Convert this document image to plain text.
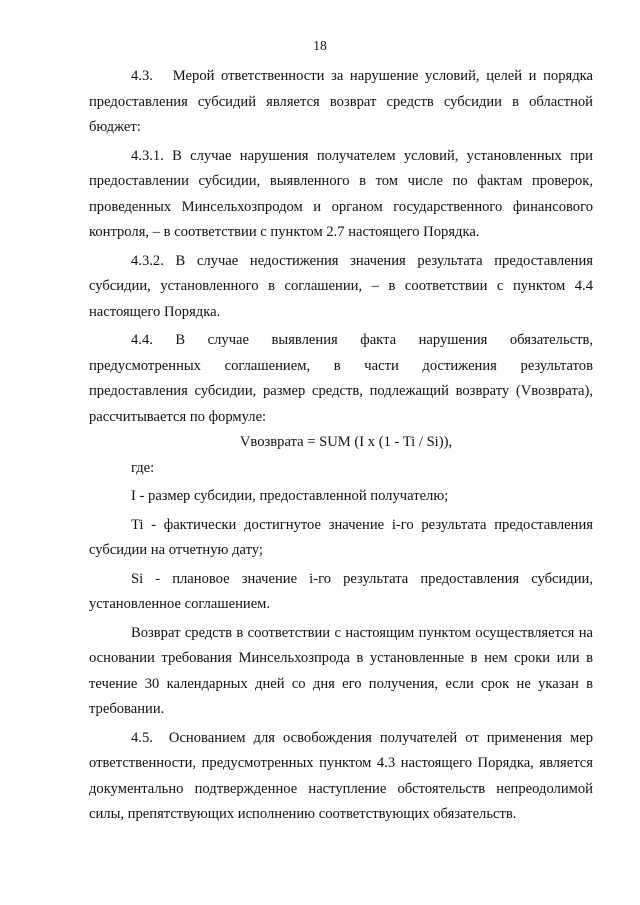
18

4.3.   Мерой ответственности за нарушение условий, целей и порядка предоставления субсидий является возврат средств субсидии в областной бюджет:

4.3.1. В случае нарушения получателем условий, установленных при предоставлении субсидии, выявленного в том числе по фактам проверок, проведенных Минсельхозпродом и органом государственного финансового контроля, – в соответствии с пунктом 2.7 настоящего Порядка.

4.3.2. В случае недостижения значения результата предоставления субсидии, установленного в соглашении, – в соответствии с пунктом 4.4 настоящего Порядка.

4.4. В случае выявления факта нарушения обязательств, предусмотренных соглашением, в части достижения результатов предоставления субсидии, размер средств, подлежащий возврату (Vвозврата), рассчитывается по формуле:

Vвозврата = SUM (I x (1 - Ti / Si)),

где:

I - размер субсидии, предоставленной получателю;

Ti - фактически достигнутое значение i-го результата предоставления субсидии на отчетную дату;

Si - плановое значение i-го результата предоставления субсидии, установленное соглашением.

Возврат средств в соответствии с настоящим пунктом осуществляется на основании требования Минсельхозпрода в установленные в нем сроки или в течение 30 календарных дней со дня его получения, если срок не указан в требовании.

4.5.  Основанием для освобождения получателей от применения мер ответственности, предусмотренных пунктом 4.3 настоящего Порядка, является документально подтвержденное наступление обстоятельств непреодолимой силы, препятствующих исполнению соответствующих обязательств.
